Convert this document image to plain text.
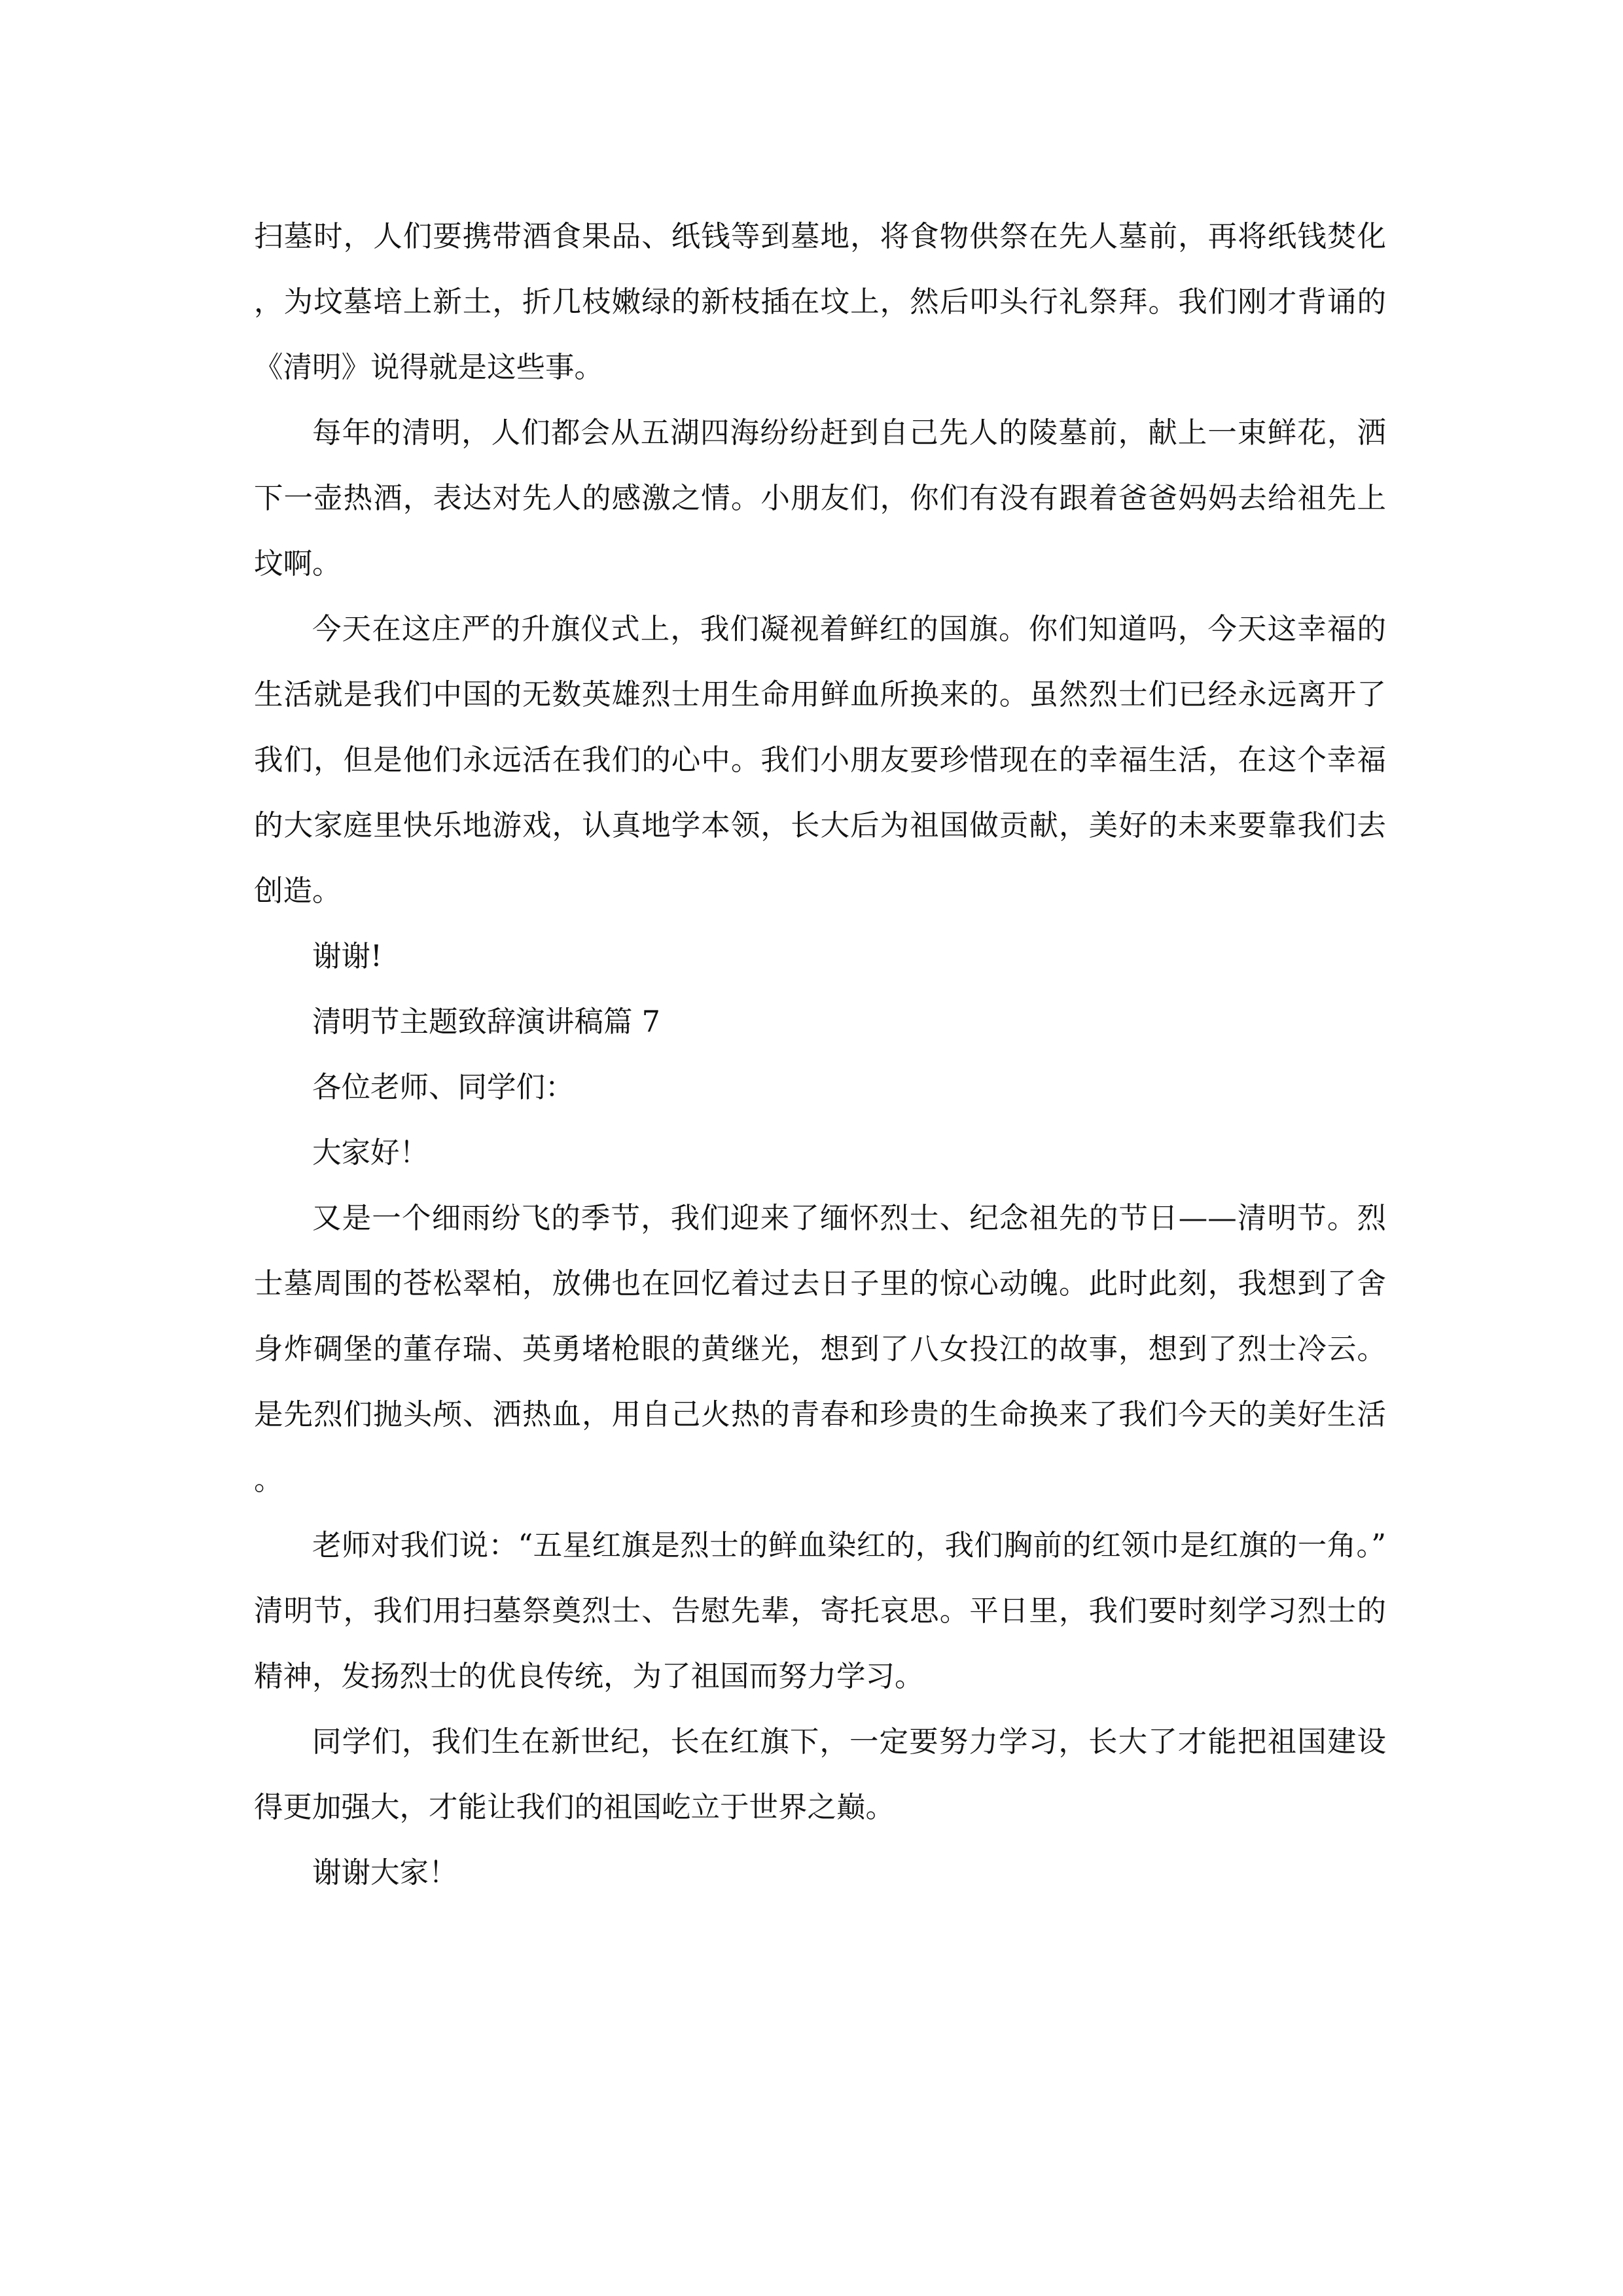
扫墓时，人们要携带酒食果品、纸钱等到墓地，将食物供祭在先人墓前，再将纸钱焚化，为坟墓培上新土，折几枝嫩绿的新枝插在坟上，然后叩头行礼祭拜。我们刚才背诵的《清明》说得就是这些事。

每年的清明，人们都会从五湖四海纷纷赶到自己先人的陵墓前，献上一束鲜花，洒下一壶热酒，表达对先人的感激之情。小朋友们，你们有没有跟着爸爸妈妈去给祖先上坟啊。

今天在这庄严的升旗仪式上，我们凝视着鲜红的国旗。你们知道吗，今天这幸福的生活就是我们中国的无数英雄烈士用生命用鲜血所换来的。虽然烈士们已经永远离开了我们，但是他们永远活在我们的心中。我们小朋友要珍惜现在的幸福生活，在这个幸福的大家庭里快乐地游戏，认真地学本领，长大后为祖国做贡献，美好的未来要靠我们去创造。

谢谢!

清明节主题致辞演讲稿篇 7

各位老师、同学们：

大家好！

又是一个细雨纷飞的季节，我们迎来了缅怀烈士、纪念祖先的节日——清明节。烈士墓周围的苍松翠柏，放佛也在回忆着过去日子里的惊心动魄。此时此刻，我想到了舍身炸碉堡的董存瑞、英勇堵枪眼的黄继光，想到了八女投江的故事，想到了烈士冷云。是先烈们抛头颅、洒热血，用自己火热的青春和珍贵的生命换来了我们今天的美好生活。

老师对我们说：“五星红旗是烈士的鲜血染红的，我们胸前的红领巾是红旗的一角。”清明节，我们用扫墓祭奠烈士、告慰先辈，寄托哀思。平日里，我们要时刻学习烈士的精神，发扬烈士的优良传统，为了祖国而努力学习。

同学们，我们生在新世纪，长在红旗下，一定要努力学习，长大了才能把祖国建设得更加强大，才能让我们的祖国屹立于世界之巅。

谢谢大家！
